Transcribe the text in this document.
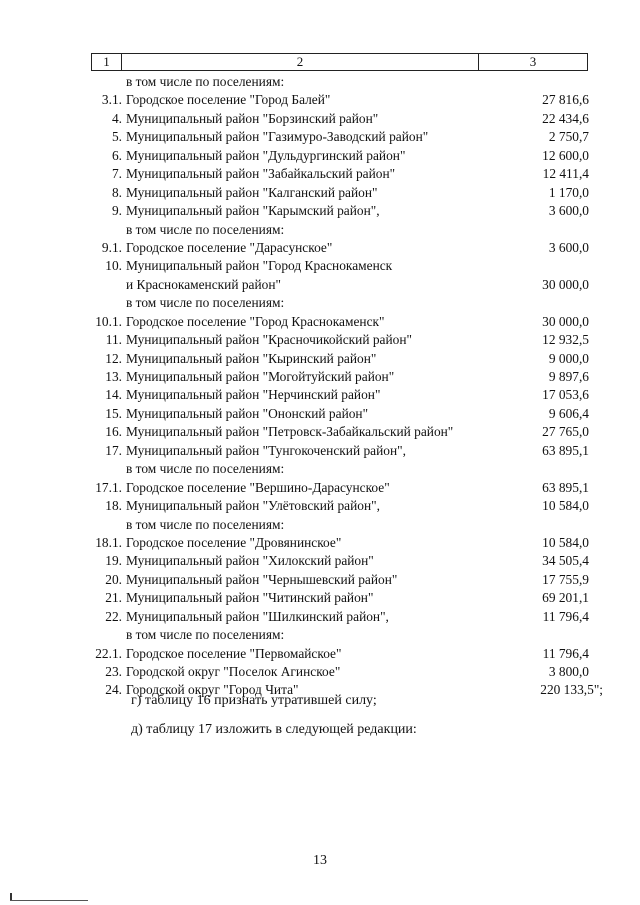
1	2	3
в том числе по поселениям:
3.1. Городское поселение "Город Балей"	27 816,6
4. Муниципальный район "Борзинский район"	22 434,6
5. Муниципальный район "Газимуро-Заводский район"	2 750,7
6. Муниципальный район "Дульдургинский район"	12 600,0
7. Муниципальный район "Забайкальский район"	12 411,4
8. Муниципальный район "Калганский район"	1 170,0
9. Муниципальный район "Карымский район",	3 600,0
в том числе по поселениям:
9.1. Городское поселение "Дарасунское"	3 600,0
10. Муниципальный район "Город Краснокаменск
и Краснокаменский район"	30 000,0
в том числе по поселениям:
10.1. Городское поселение "Город Краснокаменск"	30 000,0
11. Муниципальный район "Красночикойский район"	12 932,5
12. Муниципальный район "Кыринский район"	9 000,0
13. Муниципальный район "Могойтуйский район"	9 897,6
14. Муниципальный район "Нерчинский район"	17 053,6
15. Муниципальный район "Ононский район"	9 606,4
16. Муниципальный район "Петровск-Забайкальский район"	27 765,0
17. Муниципальный район "Тунгокоченский район",	63 895,1
в том числе по поселениям:
17.1. Городское поселение "Вершино-Дарасунское"	63 895,1
18. Муниципальный район "Улётовский район",	10 584,0
в том числе по поселениям:
18.1. Городское поселение "Дровянинское"	10 584,0
19. Муниципальный район "Хилокский район"	34 505,4
20. Муниципальный район "Чернышевский район"	17 755,9
21. Муниципальный район "Читинский район"	69 201,1
22. Муниципальный район "Шилкинский район",	11 796,4
в том числе по поселениям:
22.1. Городское поселение "Первомайское"	11 796,4
23. Городской округ "Поселок Агинское"	3 800,0
24. Городской округ "Город Чита"	220 133,5";
г) таблицу 16 признать утратившей силу;
д) таблицу 17 изложить в следующей редакции:
13
